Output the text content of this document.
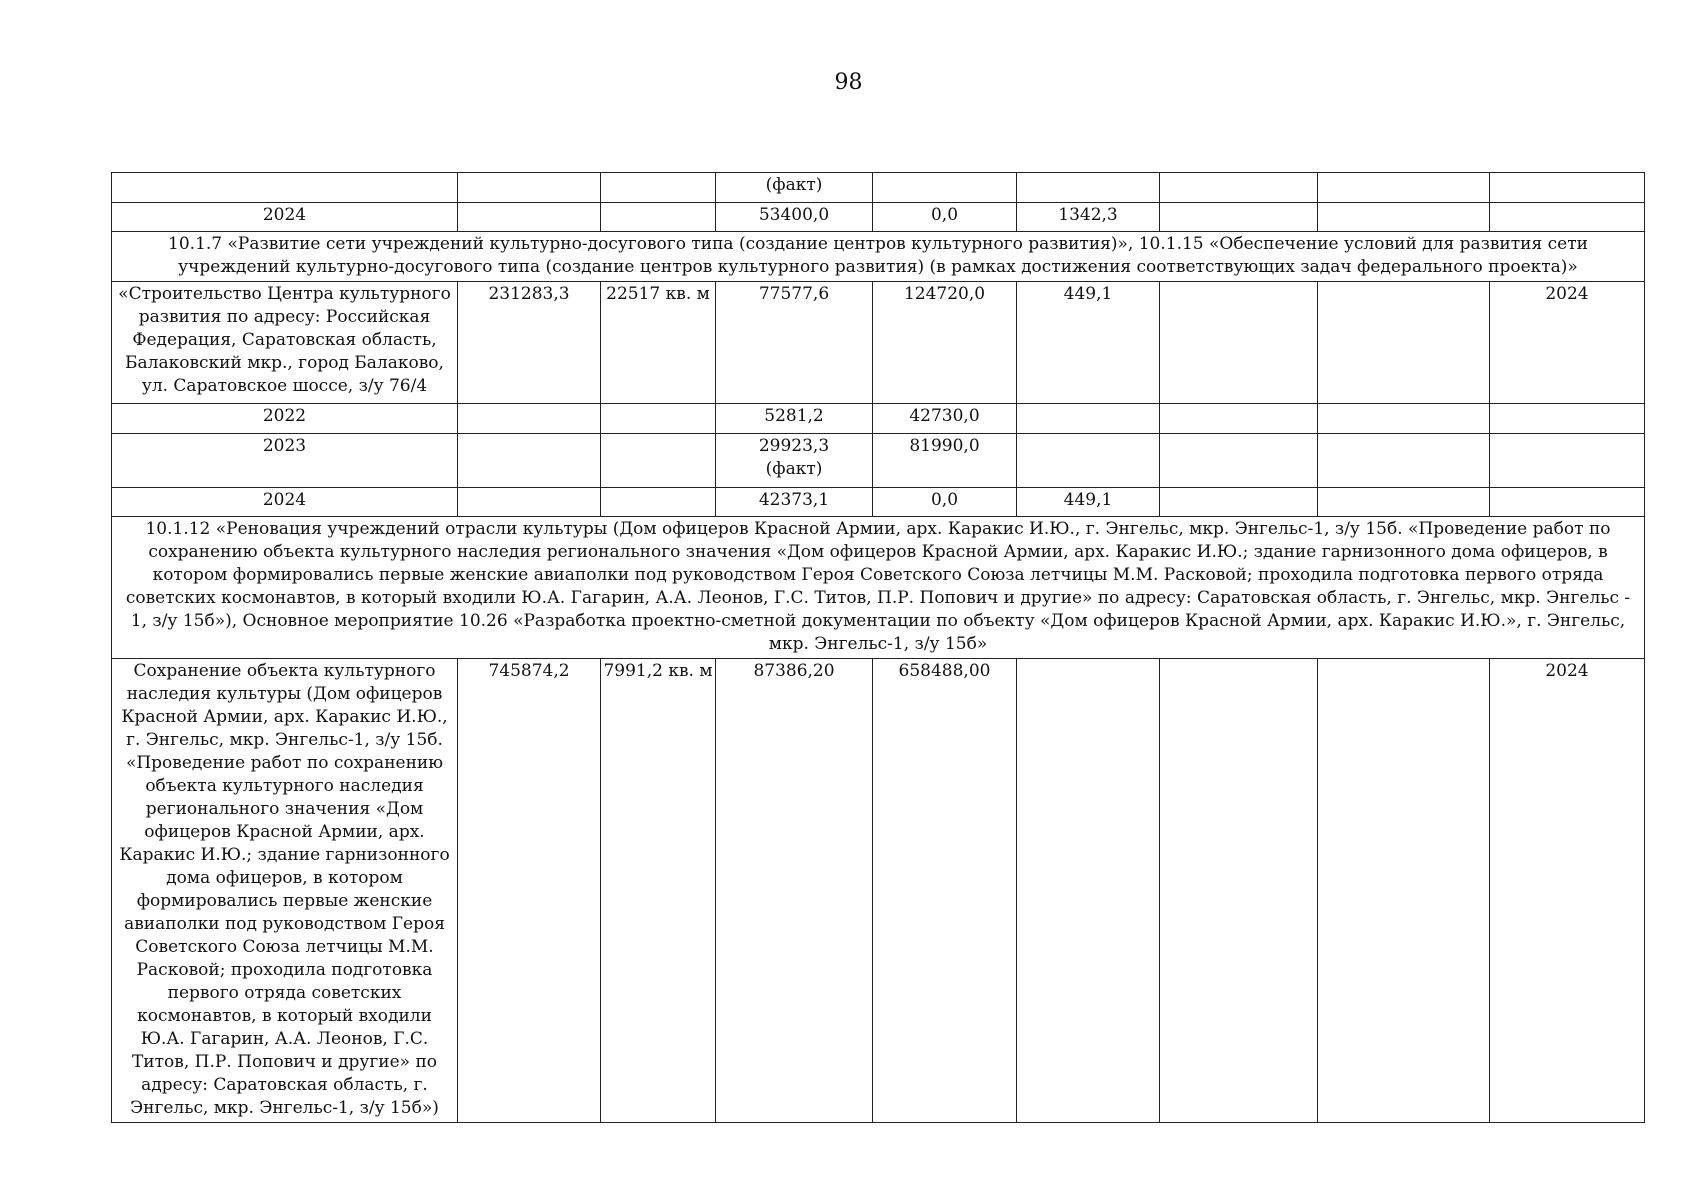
98
			(факт)					
2024			53400,0	0,0	1342,3			
10.1.7 «Развитие сети учреждений культурно-досугового типа (создание центров культурного развития)», 10.1.15 «Обеспечение условий для развития сети учреждений культурно-досугового типа (создание центров культурного развития) (в рамках достижения соответствующих задач федерального проекта)»								
«Строительство Центра культурного развития по адресу: Российская Федерация, Саратовская область, Балаковский мкр., город Балаково, ул. Саратовское шоссе, з/у 76/4	231283,3	22517 кв. м	77577,6	124720,0	449,1			2024
2022			5281,2	42730,0				
2023			29923,3 (факт)	81990,0				
2024			42373,1	0,0	449,1			
10.1.12 «Реновация учреждений отрасли культуры (Дом офицеров Красной Армии, арх. Каракис И.Ю., г. Энгельс, мкр. Энгельс-1, з/у 15б. «Проведение работ по сохранению объекта культурного наследия регионального значения «Дом офицеров Красной Армии, арх. Каракис И.Ю.; здание гарнизонного дома офицеров, в котором формировались первые женские авиаполки под руководством Героя Советского Союза летчицы М.М. Расковой; проходила подготовка первого отряда советских космонавтов, в который входили Ю.А. Гагарин, А.А. Леонов, Г.С. Титов, П.Р. Попович и другие» по адресу: Саратовская область, г. Энгельс, мкр. Энгельс - 1, з/у 15б»), Основное мероприятие 10.26 «Разработка проектно-сметной документации по объекту «Дом офицеров Красной Армии, арх. Каракис И.Ю.», г. Энгельс, мкр. Энгельс-1, з/у 15б»								
Сохранение объекта культурного наследия культуры (Дом офицеров Красной Армии, арх. Каракис И.Ю., г. Энгельс, мкр. Энгельс-1, з/у 15б. «Проведение работ по сохранению объекта культурного наследия регионального значения «Дом офицеров Красной Армии, арх. Каракис И.Ю.; здание гарнизонного дома офицеров, в котором формировались первые женские авиаполки под руководством Героя Советского Союза летчицы М.М. Расковой; проходила подготовка первого отряда советских космонавтов, в который входили Ю.А. Гагарин, А.А. Леонов, Г.С. Титов, П.Р. Попович и другие» по адресу: Саратовская область, г. Энгельс, мкр. Энгельс-1, з/у 15б»)	745874,2	7991,2 кв. м	87386,20	658488,00				2024
